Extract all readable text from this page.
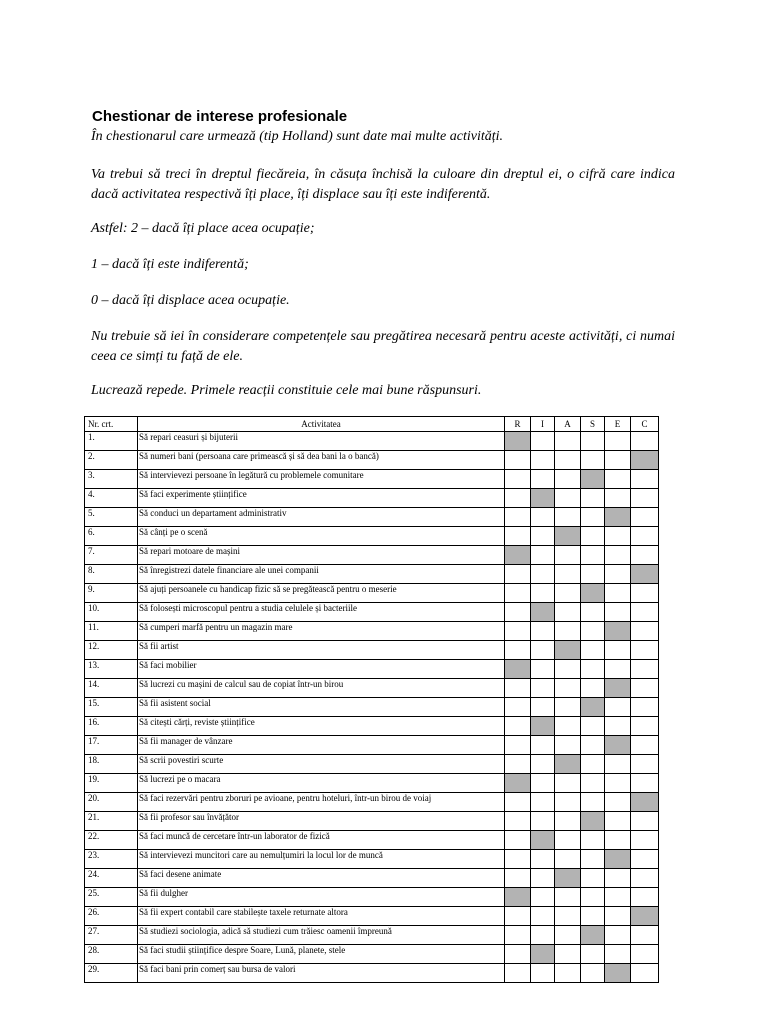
Chestionar de interese profesionale

În chestionarul care urmează (tip Holland) sunt date mai multe activități.

Va trebui să treci în dreptul fiecăreia, în căsuța închisă la culoare din dreptul ei, o cifră care indica dacă activitatea respectivă îți place, îți displace sau îți este indiferentă.

Astfel: 2 – dacă îți place acea ocupație;

1 – dacă îți este indiferentă;

0 – dacă îți displace acea ocupație.

Nu trebuie să iei în considerare competențele sau pregătirea necesară pentru aceste activități, ci numai ceea ce simți tu față de ele.

Lucrează repede. Primele reacții constituie cele mai bune răspunsuri.

Nr. crt.	Activitatea	R	I	A	S	E	C
1.	Să repari ceasuri și bijuterii						
2.	Să numeri bani (persoana care primească și să dea bani la o bancă)						
3.	Să intervievezi persoane în legătură cu problemele comunitare						
4.	Să faci experimente științifice						
5.	Să conduci un departament administrativ						
6.	Să cânți pe o scenă						
7.	Să repari motoare de mașini						
8.	Să înregistrezi datele financiare ale unei companii						
9.	Să ajuți persoanele cu handicap fizic să se pregătească pentru o meserie						
10.	Să folosești microscopul pentru a studia celulele și bacteriile						
11.	Să cumperi marfă pentru un magazin mare						
12.	Să fii artist						
13.	Să faci mobilier						
14.	Să lucrezi cu mașini de calcul sau de copiat într-un birou						
15.	Să fii asistent social						
16.	Să citești cărți, reviste științifice						
17.	Să fii manager de vânzare						
18.	Să scrii povestiri scurte						
19.	Să lucrezi pe o macara						
20.	Să faci rezervări pentru zboruri pe avioane, pentru hoteluri, într-un birou de voiaj						
21.	Să fii profesor sau învățător						
22.	Să faci muncă de cercetare într-un laborator de fizică						
23.	Să intervievezi muncitori care au nemulțumiri la locul lor de muncă						
24.	Să faci desene animate						
25.	Să fii dulgher						
26.	Să fii expert contabil care stabilește taxele returnate altora						
27.	Să studiezi sociologia, adică să studiezi cum trăiesc oamenii împreună						
28.	Să faci studii științifice despre Soare, Lună, planete, stele						
29.	Să faci bani prin comerț sau bursa de valori						
